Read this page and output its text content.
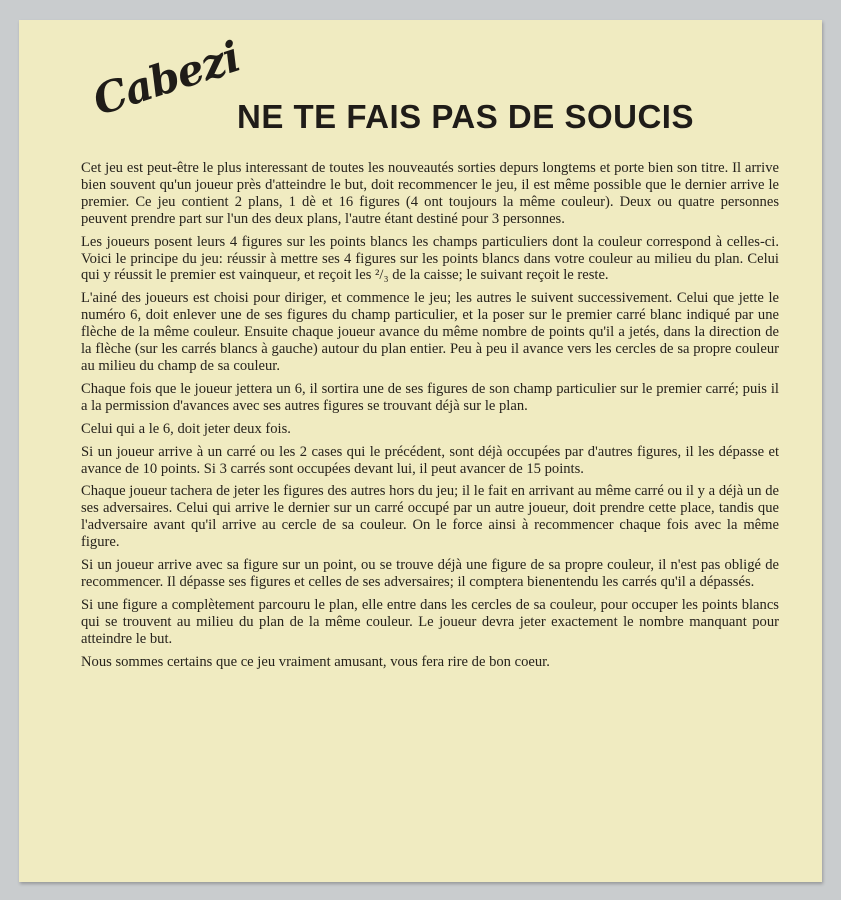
Cabezi
NE TE FAIS PAS DE SOUCIS

Cet jeu est peut-être le plus interessant de toutes les nouveautés sorties depurs longtems et porte bien son titre. Il arrive bien souvent qu'un joueur près d'atteindre le but, doit recommencer le jeu, il est même possible que le dernier arrive le premier. Ce jeu contient 2 plans, 1 dè et 16 figures (4 ont toujours la même couleur). Deux ou quatre personnes peuvent prendre part sur l'un des deux plans, l'autre étant destiné pour 3 personnes.

Les joueurs posent leurs 4 figures sur les points blancs les champs particuliers dont la couleur correspond à celles-ci. Voici le principe du jeu: réussir à mettre ses 4 figures sur les points blancs dans votre couleur au milieu du plan. Celui qui y réussit le premier est vainqueur, et reçoit les ²/₃ de la caisse; le suivant reçoit le reste.

L'ainé des joueurs est choisi pour diriger, et commence le jeu; les autres le suivent successivement. Celui que jette le numéro 6, doit enlever une de ses figures du champ particulier, et la poser sur le premier carré blanc indiqué par une flèche de la même couleur. Ensuite chaque joueur avance du même nombre de points qu'il a jetés, dans la direction de la flèche (sur les carrés blancs à gauche) autour du plan entier. Peu à peu il avance vers les cercles de sa propre couleur au milieu du champ de sa couleur.

Chaque fois que le joueur jettera un 6, il sortira une de ses figures de son champ particulier sur le premier carré; puis il a la permission d'avances avec ses autres figures se trouvant déjà sur le plan.

Celui qui a le 6, doit jeter deux fois.

Si un joueur arrive à un carré ou les 2 cases qui le précédent, sont déjà occupées par d'autres figures, il les dépasse et avance de 10 points. Si 3 carrés sont occupées devant lui, il peut avancer de 15 points.

Chaque joueur tachera de jeter les figures des autres hors du jeu; il le fait en arrivant au même carré ou il y a déjà un de ses adversaires. Celui qui arrive le dernier sur un carré occupé par un autre joueur, doit prendre cette place, tandis que l'adversaire avant qu'il arrive au cercle de sa couleur. On le force ainsi à recommencer chaque fois avec la même figure.

Si un joueur arrive avec sa figure sur un point, ou se trouve déjà une figure de sa propre couleur, il n'est pas obligé de recommencer. Il dépasse ses figures et celles de ses adversaires; il comptera bienentendu les carrés qu'il a dépassés.

Si une figure a complètement parcouru le plan, elle entre dans les cercles de sa couleur, pour occuper les points blancs qui se trouvent au milieu du plan de la même couleur. Le joueur devra jeter exactement le nombre manquant pour atteindre le but.

Nous sommes certains que ce jeu vraiment amusant, vous fera rire de bon coeur.
